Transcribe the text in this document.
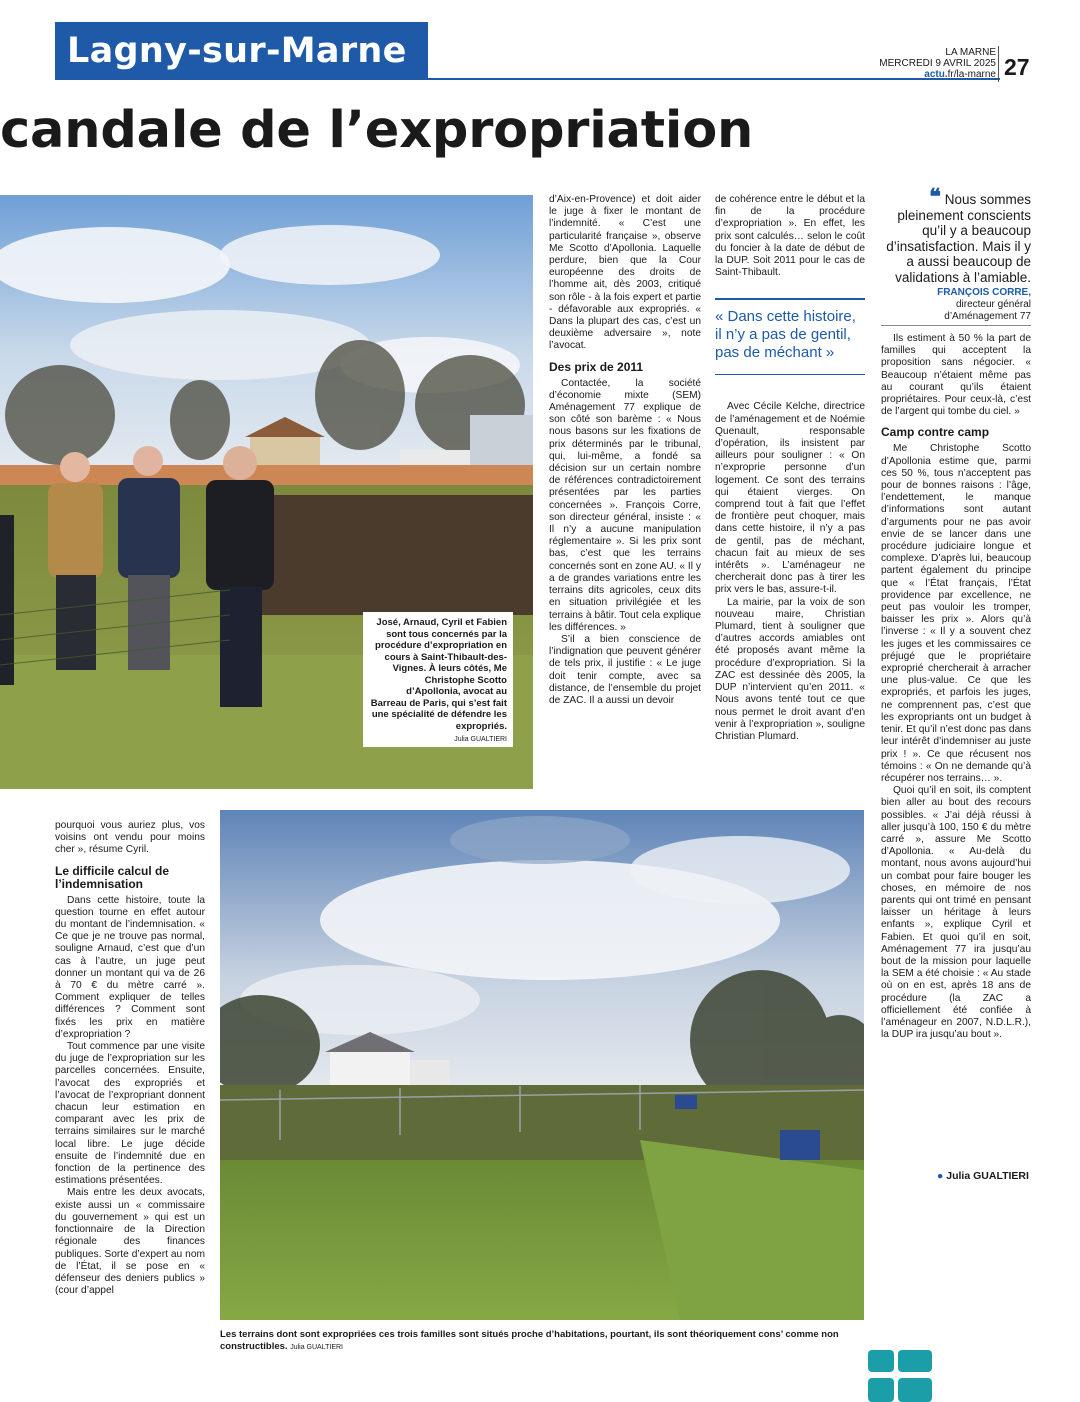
Lagny-sur-Marne	LA MARNE
MERCREDI 9 AVRIL 2025
actu.fr/la-marne 27
candale de l’expropriation
José, Arnaud, Cyril et Fabien sont tous concernés par la procédure d’expropriation en cours à Saint-Thibault-des-Vignes. À leurs côtés, Me Christophe Scotto d’Apollonia, avocat au Barreau de Paris, qui s’est fait une spécialité de défendre les expropriés.
Julia GUALTIERI

d’Aix-en-Provence) et doit aider le juge à fixer le montant de l’indemnité. « C’est une particularité française », observe Me Scotto d’Apollonia. Laquelle perdure, bien que la Cour européenne des droits de l’homme ait, dès 2003, critiqué son rôle - à la fois expert et partie - défavorable aux expropriés. « Dans la plupart des cas, c’est un deuxième adversaire », note l’avocat.

Des prix de 2011

Contactée, la société d’économie mixte (SEM) Aménagement 77 explique de son côté son barème : « Nous nous basons sur les fixations de prix déterminés par le tribunal, qui, lui-même, a fondé sa décision sur un certain nombre de références contradictoirement présentées par les parties concernées ». François Corre, son directeur général, insiste : « Il n’y a aucune manipulation réglementaire ». Si les prix sont bas, c’est que les terrains concernés sont en zone AU. « Il y a de grandes variations entre les terrains dits agricoles, ceux dits en situation privilégiée et les terrains à bâtir. Tout cela explique les différences. »

S’il a bien conscience de l’indignation que peuvent générer de tels prix, il justifie : « Le juge doit tenir compte, avec sa distance, de l’ensemble du projet de ZAC. Il a aussi un devoir

de cohérence entre le début et la fin de la procédure d’expropriation ». En effet, les prix sont calculés… selon le coût du foncier à la date de début de la DUP. Soit 2011 pour le cas de Saint-Thibault.

Avec Cécile Kelche, directrice de l’aménagement et de Noémie Quenault, responsable d’opération, ils insistent par ailleurs pour souligner : « On n’exproprie personne d’un logement. Ce sont des terrains qui étaient vierges. On comprend tout à fait que l’effet de frontière peut choquer, mais dans cette histoire, il n’y a pas de gentil, pas de méchant, chacun fait au mieux de ses intérêts ». L’aménageur ne chercherait donc pas à tirer les prix vers le bas, assure-t-il.

La mairie, par la voix de son nouveau maire, Christian Plumard, tient à souligner que d’autres accords amiables ont été proposés avant même la procédure d’expropriation. Si la ZAC est dessinée dès 2005, la DUP n’intervient qu’en 2011. « Nous avons tenté tout ce que nous permet le droit avant d’en venir à l’expropriation », souligne Christian Plumard.

« Dans cette histoire, il n’y a pas de gentil, pas de méchant »
❝ Nous sommes pleinement conscients qu’il y a beaucoup d’insatisfaction. Mais il y a aussi beaucoup de validations à l’amiable.
FRANÇOIS CORRE,
directeur général d’Aménagement 77

Ils estiment à 50 % la part de familles qui acceptent la proposition sans négocier. « Beaucoup n’étaient même pas au courant qu’ils étaient propriétaires. Pour ceux-là, c’est de l’argent qui tombe du ciel. »

Camp contre camp

Me Christophe Scotto d’Apollonia estime que, parmi ces 50 %, tous n’acceptent pas pour de bonnes raisons : l’âge, l’endettement, le manque d’informations sont autant d’arguments pour ne pas avoir envie de se lancer dans une procédure judiciaire longue et complexe. D’après lui, beaucoup partent également du principe que « l’État français, l’État providence par excellence, ne peut pas vouloir les tromper, baisser les prix ». Alors qu’à l’inverse : « Il y a souvent chez les juges et les commissaires ce préjugé que le propriétaire exproprié chercherait à arracher une plus-value. Ce que les expropriés, et parfois les juges, ne comprennent pas, c’est que les expropriants ont un budget à tenir. Et qu’il n’est donc pas dans leur intérêt d’indemniser au juste prix ! ». Ce que récusent nos témoins : « On ne demande qu’à récupérer nos terrains… ».

Quoi qu’il en soit, ils comptent bien aller au bout des recours possibles. « J’ai déjà réussi à aller jusqu’à 100, 150 € du mètre carré », assure Me Scotto d’Apollonia. « Au-delà du montant, nous avons aujourd’hui un combat pour faire bouger les choses, en mémoire de nos parents qui ont trimé en pensant laisser un héritage à leurs enfants », explique Cyril et Fabien. Et quoi qu’il en soit, Aménagement 77 ira jusqu’au bout de la mission pour laquelle la SEM a été choisie : « Au stade où on en est, après 18 ans de procédure (la ZAC a officiellement été confiée à l’aménageur en 2007, N.D.L.R.), la DUP ira jusqu’au bout ».

● Julia GUALTIERI

pourquoi vous auriez plus, vos voisins ont vendu pour moins cher », résume Cyril.

Le difficile calcul de l’indemnisation

Dans cette histoire, toute la question tourne en effet autour du montant de l’indemnisation. « Ce que je ne trouve pas normal, souligne Arnaud, c’est que d’un cas à l’autre, un juge peut donner un montant qui va de 26 à 70 € du mètre carré ». Comment expliquer de telles différences ? Comment sont fixés les prix en matière d’expropriation ?

Tout commence par une visite du juge de l’expropriation sur les parcelles concernées. Ensuite, l’avocat des expropriés et l’avocat de l’expropriant donnent chacun leur estimation en comparant avec les prix de terrains similaires sur le marché local libre. Le juge décide ensuite de l’indemnité due en fonction de la pertinence des estimations présentées.

Mais entre les deux avocats, existe aussi un « commissaire du gouvernement » qui est un fonctionnaire de la Direction régionale des finances publiques. Sorte d’expert au nom de l’État, il se pose en « défenseur des deniers publics » (cour d’appel

Les terrains dont sont expropriées ces trois familles sont situés proche d’habitations, pourtant, ils sont théoriquement cons’ comme non constructibles. Julia GUALTIERI
